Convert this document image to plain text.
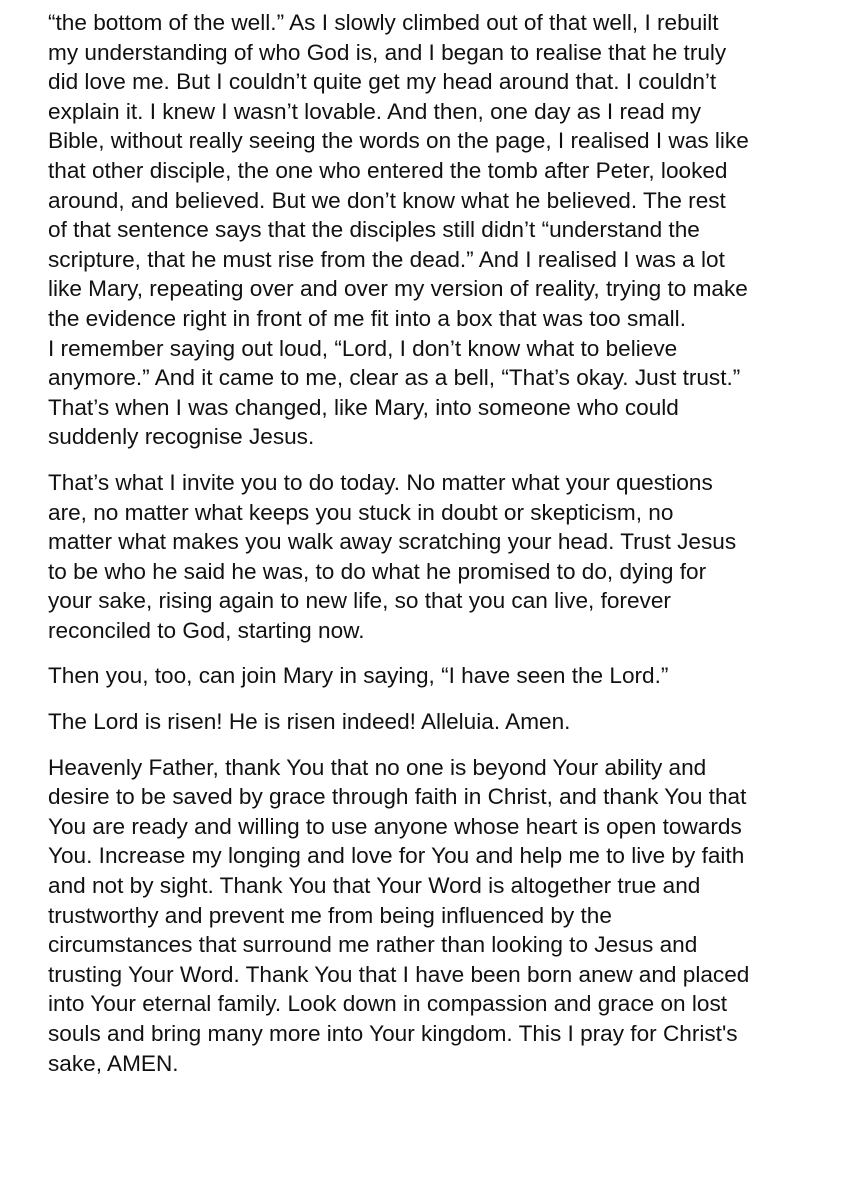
“the bottom of the well.” As I slowly climbed out of that well, I rebuilt
my understanding of who God is, and I began to realise that he truly
did love me. But I couldn’t quite get my head around that. I couldn’t
explain it. I knew I wasn’t lovable. And then, one day as I read my
Bible, without really seeing the words on the page, I realised I was like
that other disciple, the one who entered the tomb after Peter, looked
around, and believed. But we don’t know what he believed. The rest
of that sentence says that the disciples still didn’t “understand the
scripture, that he must rise from the dead.” And I realised I was a lot
like Mary, repeating over and over my version of reality, trying to make
the evidence right in front of me fit into a box that was too small.
I remember saying out loud, “Lord, I don’t know what to believe
anymore.” And it came to me, clear as a bell, “That’s okay. Just trust.”
That’s when I was changed, like Mary, into someone who could
suddenly recognise Jesus.

That’s what I invite you to do today. No matter what your questions
are, no matter what keeps you stuck in doubt or skepticism, no
matter what makes you walk away scratching your head. Trust Jesus
to be who he said he was, to do what he promised to do, dying for
your sake, rising again to new life, so that you can live, forever
reconciled to God, starting now.

Then you, too, can join Mary in saying, “I have seen the Lord.”

The Lord is risen! He is risen indeed! Alleluia. Amen.

Heavenly Father, thank You that no one is beyond Your ability and
desire to be saved by grace through faith in Christ, and thank You that
You are ready and willing to use anyone whose heart is open towards
You. Increase my longing and love for You and help me to live by faith
and not by sight. Thank You that Your Word is altogether true and
trustworthy and prevent me from being influenced by the
circumstances that surround me rather than looking to Jesus and
trusting Your Word. Thank You that I have been born anew and placed
into Your eternal family. Look down in compassion and grace on lost
souls and bring many more into Your kingdom. This I pray for Christ's
sake, AMEN.
